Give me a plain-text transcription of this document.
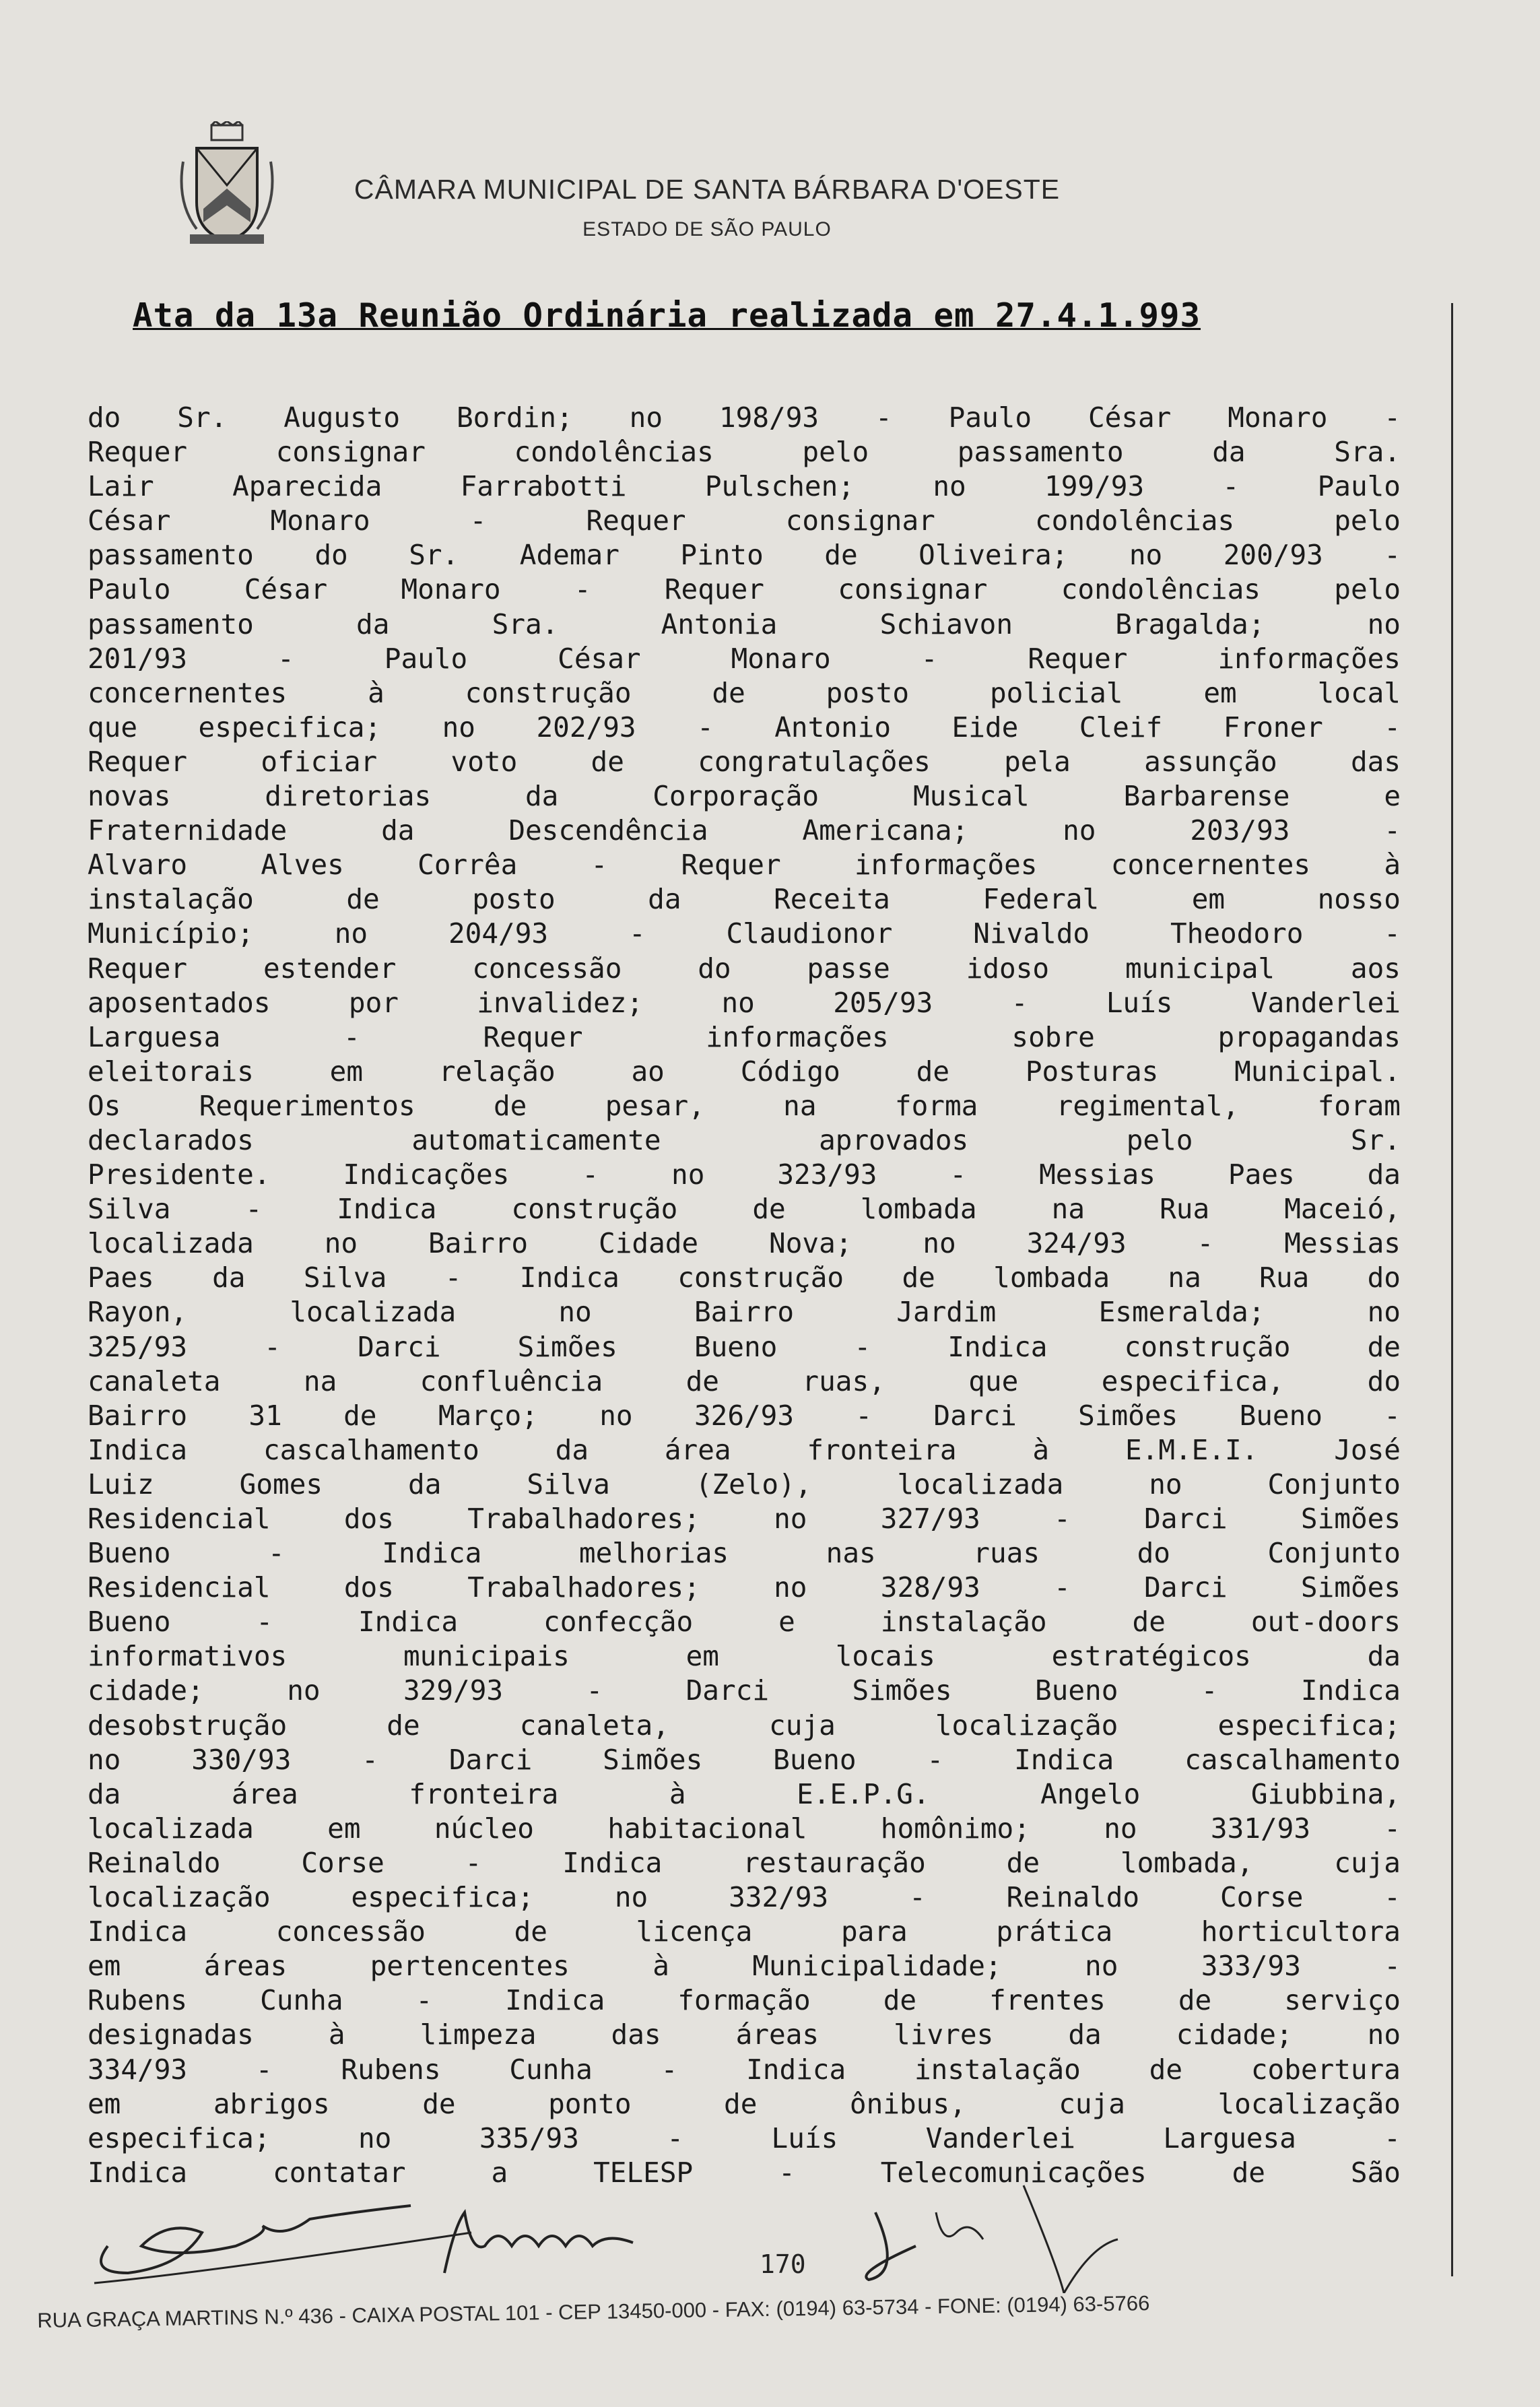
CÂMARA MUNICIPAL DE SANTA BÁRBARA D'OESTE
ESTADO DE SÃO PAULO
Ata da 13a Reunião Ordinária realizada em 27.4.1.993
do Sr. Augusto Bordin; no 198/93 - Paulo César Monaro -
Requer consignar condolências pelo passamento da Sra.
Lair Aparecida Farrabotti Pulschen; no 199/93 - Paulo
César Monaro - Requer consignar condolências pelo
passamento do Sr. Ademar Pinto de Oliveira; no 200/93 -
Paulo César Monaro - Requer consignar condolências pelo
passamento da Sra. Antonia Schiavon Bragalda; no
201/93 - Paulo César Monaro - Requer informações
concernentes à construção de posto policial em local
que especifica; no 202/93 - Antonio Eide Cleif Froner -
Requer oficiar voto de congratulações pela assunção das
novas diretorias da Corporação Musical Barbarense e
Fraternidade da Descendência Americana; no 203/93 -
Alvaro Alves Corrêa - Requer informações concernentes à
instalação de posto da Receita Federal em nosso
Município; no 204/93 - Claudionor Nivaldo Theodoro -
Requer estender concessão do passe idoso municipal aos
aposentados por invalidez; no 205/93 - Luís Vanderlei
Larguesa - Requer informações sobre propagandas
eleitorais em relação ao Código de Posturas Municipal.
Os Requerimentos de pesar, na forma regimental, foram
declarados automaticamente aprovados pelo Sr.
Presidente. Indicações - no 323/93 - Messias Paes da
Silva - Indica construção de lombada na Rua Maceió,
localizada no Bairro Cidade Nova; no 324/93 - Messias
Paes da Silva - Indica construção de lombada na Rua do
Rayon, localizada no Bairro Jardim Esmeralda; no
325/93 - Darci Simões Bueno - Indica construção de
canaleta na confluência de ruas, que especifica, do
Bairro 31 de Março; no 326/93 - Darci Simões Bueno -
Indica cascalhamento da área fronteira à E.M.E.I. José
Luiz Gomes da Silva (Zelo), localizada no Conjunto
Residencial dos Trabalhadores; no 327/93 - Darci Simões
Bueno - Indica melhorias nas ruas do Conjunto
Residencial dos Trabalhadores; no 328/93 - Darci Simões
Bueno - Indica confecção e instalação de out-doors
informativos municipais em locais estratégicos da
cidade; no 329/93 - Darci Simões Bueno - Indica
desobstrução de canaleta, cuja localização especifica;
no 330/93 - Darci Simões Bueno - Indica cascalhamento
da área fronteira à E.E.P.G. Angelo Giubbina,
localizada em núcleo habitacional homônimo; no 331/93 -
Reinaldo Corse - Indica restauração de lombada, cuja
localização especifica; no 332/93 - Reinaldo Corse -
Indica concessão de licença para prática horticultora
em áreas pertencentes à Municipalidade; no 333/93 -
Rubens Cunha - Indica formação de frentes de serviço
designadas à limpeza das áreas livres da cidade; no
334/93 - Rubens Cunha - Indica instalação de cobertura
em abrigos de ponto de ônibus, cuja localização
especifica; no 335/93 - Luís Vanderlei Larguesa -
Indica contatar a TELESP - Telecomunicações de São
170
RUA GRAÇA MARTINS N.º 436 - CAIXA POSTAL 101 - CEP 13450-000 - FAX: (0194) 63-5734 - FONE: (0194) 63-5766
